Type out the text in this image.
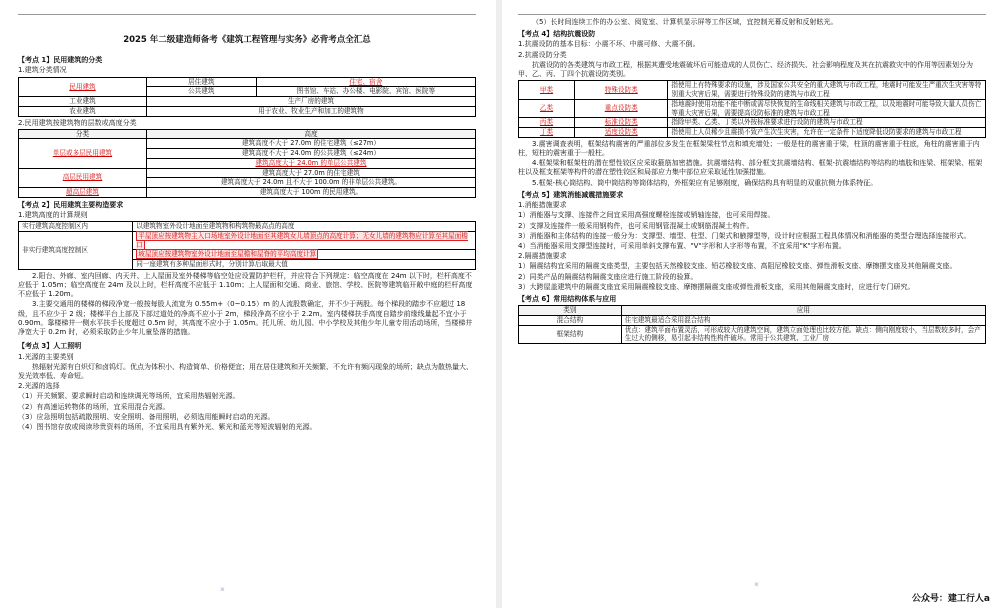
2025 年二级建造师备考《建筑工程管理与实务》必背考点全汇总
【考点 1】民用建筑的分类
1.建筑分类情况
民用建筑	居住建筑	住宅、宿舍
	公共建筑	图书馆、车站、办公楼、电影院、宾馆、医院等
工业建筑	生产厂房的建筑	
农业建筑	用于农业、牧业生产和加工的建筑物	
2.民用建筑按建筑物的层数或高度分类
分类	高度
单层或多层民用建筑	建筑高度不大于 27.0m 的住宅建筑（≤27m）
	建筑高度不大于 24.0m 的公共建筑（≤24m）
	建筑高度大于 24.0m 的单层公共建筑
高层民用建筑	建筑高度大于 27.0m 的住宅建筑
	建筑高度大于 24.0m 且不大于 100.0m 的非单层公共建筑。
超高层建筑	建筑高度大于 100m 的民用建筑。
【考点 2】民用建筑主要构造要求
1.建筑高度的计算规则
实行建筑高度控制区内	以建筑物室外设计地面至建筑物和构筑物最高点的高度
非实行建筑高度控制区	平屋顶应按建筑物主入口场地室外设计地面至其建筑女儿墙顶点的高度计算；无女儿墙的建筑物应计算至其屋面檐口
	坡屋顶应按建筑物室外设计地面至屋檐和屋脊的平均高度计算
	同一座建筑有多种屋面形式时，分别计算后取最大值

2.阳台、外廊、室内回廊、内天井、上人屋面及室外楼梯等临空处应设置防护栏杆，并应符合下列规定：临空高度在 24m 以下时，栏杆高度不应低于 1.05m；临空高度在 24m 及以上时，栏杆高度不应低于 1.10m；上人屋面和交通、商业、旅馆、学校、医院等建筑临开敞中庭的栏杆高度不应低于 1.20m。

3.主要交通用的楼梯的梯段净宽一般按每股人流宽为 0.55m+（0~0.15）m 的人流股数确定，并不少于两股。每个梯段的踏步不应超过 18 级，且不应少于 2 级；楼梯平台上部及下部过道处的净高不应小于 2m，梯段净高不应小于 2.2m。室内楼梯扶手高度自踏步前缘线量起不宜小于 0.90m。靠楼梯井一侧水平扶手长度超过 0.5m 时，其高度不应小于 1.05m。托儿所、幼儿园、中小学校及其他少年儿童专用活动场所，当楼梯井净宽大于 0.2m 时，必须采取防止少年儿童坠落的措施。

【考点 3】人工照明
1.光源的主要类别

热辐射光源有白炽灯和卤钨灯。优点为体积小、构造简单、价格便宜；用在居住建筑和开关频繁、不允许有频闪现象的场所；缺点为散热量大、发光效率低、寿命短。

2.光源的选择
（1）开关频繁、要求瞬时启动和连续调光等场所，宜采用热辐射光源。
（2）有高速运转物体的场所，宜采用混合光源。
（3）应急照明包括疏散照明、安全照明、备用照明，必须选用能瞬时启动的光源。
（4）图书馆存放或阅读珍贵资料的场所，不宜采用具有紫外光、紫光和蓝光等短波辐射的光源。
✦
（5）长时间连续工作的办公室、阅览室、计算机显示屏等工作区域，宜控制光幕反射和反射眩光。
【考点 4】结构抗震设防
1.抗震设防的基本目标：小震不坏、中震可修、大震不倒。
2.抗震设防分类

抗震设防的各类建筑与市政工程，根据其遭受地震破坏后可能造成的人员伤亡、经济损失、社会影响程度及其在抗震救灾中的作用等因素划分为甲、乙、丙、丁四个抗震设防类别。

甲类	特殊设防类	指使用上有特殊要求的设施，涉及国家公共安全的重大建筑与市政工程，地震时可能发生严重次生灾害等特别重大灾害后果，需要进行特殊设防的建筑与市政工程
乙类	重点设防类	指地震时使用功能不能中断或需尽快恢复的生命线相关建筑与市政工程，以及地震时可能导致大量人员伤亡等重大灾害后果，需要提高设防标准的建筑与市政工程
丙类	标准设防类	指除甲类、乙类、丁类以外按标准要求进行设防的建筑与市政工程
丁类	适度设防类	指使用上人员稀少且震损不致产生次生灾害，允许在一定条件下适度降低设防要求的建筑与市政工程

3.震害调查表明，框架结构震害的严重部位多发生在框架梁柱节点和填充墙处；一般是柱的震害重于梁，柱顶的震害重于柱底，角柱的震害重于内柱，短柱的震害重于一般柱。

4.框架梁和框架柱的潜在塑性铰区应采取箍筋加密措施。抗震墙结构、部分框支抗震墙结构、框架-抗震墙结构等结构的墙肢和连梁、框架梁、框架柱以及框支框架等构件的潜在塑性铰区和局部应力集中部位应采取延性加强措施。

5.框架-核心筒结构、筒中筒结构等筒体结构，外框架应有足够刚度，确保结构具有明显的双重抗侧力体系特征。

【考点 5】建筑消能减震措施要求
1.消能措施要求
1）消能器与支撑、连接件之间宜采用高强度螺栓连接或销轴连接，也可采用焊接。
2）支撑及连接件一般采用钢构件，也可采用钢管混凝土或钢筋混凝土构件。
3）消能器和主体结构的连接一般分为：支撑型、墙型、柱型、门架式和腋撑型等，设计时应根据工程具体情况和消能器的类型合理选择连接形式。
4）当消能器采用支撑型连接时，可采用单斜支撑布置、"V"字形和人字形等布置，不宜采用"K"字形布置。
2.隔震措施要求
1）隔震结构宜采用的隔震支座类型，主要包括天然橡胶支座、铅芯橡胶支座、高阻尼橡胶支座、弹性滑板支座、摩擦摆支座及其他隔震支座。
2）同类产品的隔震结构隔震支座应进行施工阶段的验算。
3）大跨屋盖建筑中的隔震支座宜采用隔震橡胶支座、摩擦摆隔震支座或弹性滑板支座，采用其他隔震支座时，应进行专门研究。
【考点 6】常用结构体系与应用
类别	应用
混合结构	住宅建筑最适合采用混合结构
框架结构	优点：建筑平面布置灵活，可形成较大的建筑空间，建筑立面处理也比较方便。缺点：侧向刚度较小，当层数较多时，会产生过大的侧移，易引起非结构性构件破坏。常用于公共建筑、工业厂房
✦
公众号：建工行人a
